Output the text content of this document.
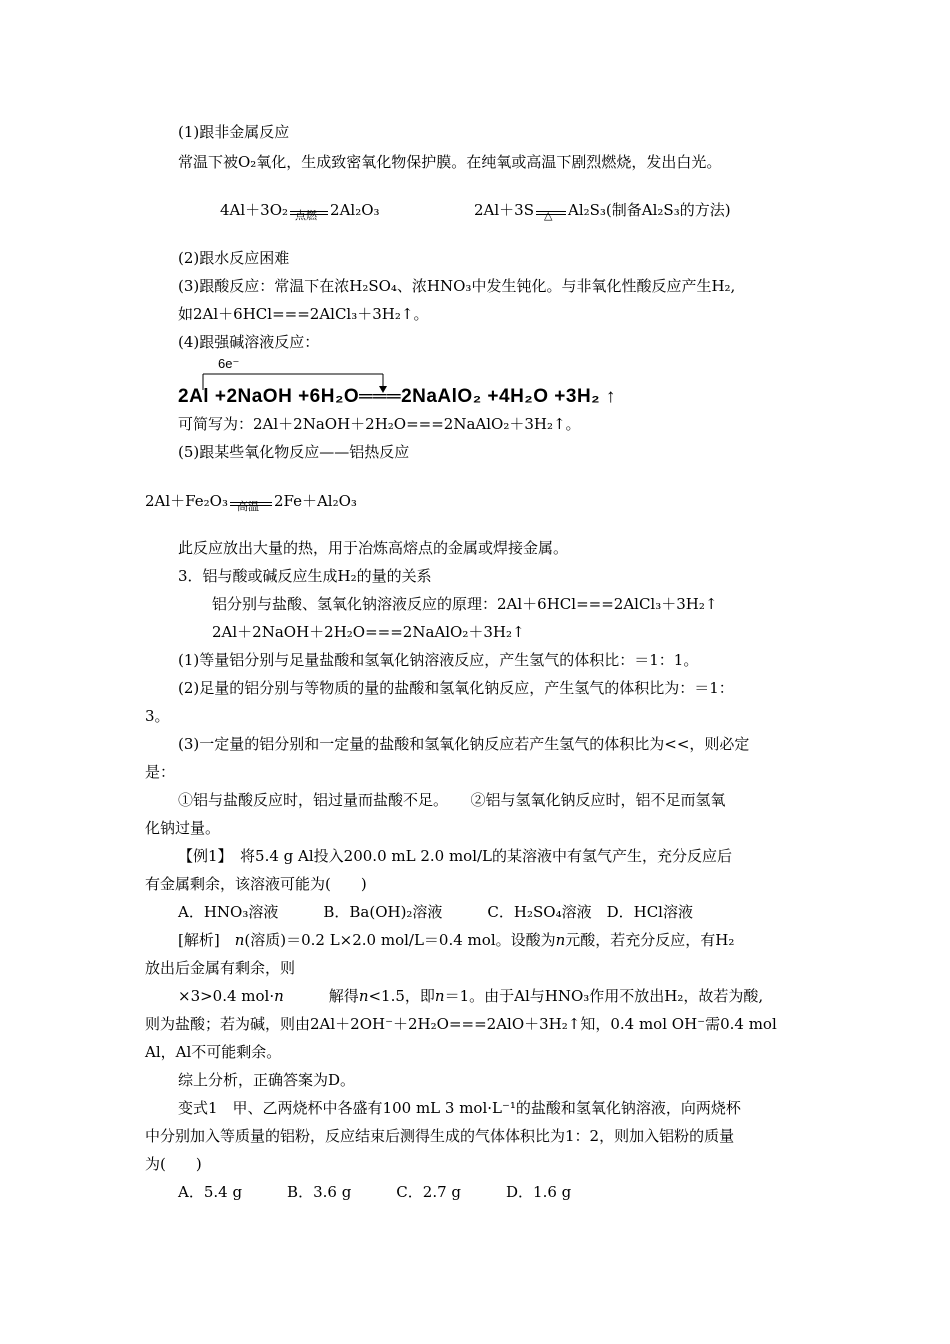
(1)跟非金属反应
常温下被O₂氧化，生成致密氧化物保护膜。在纯氧或高温下剧烈燃烧，发出白光。
4Al＋3O₂ 点燃 2Al₂O₃	2Al＋3S △ Al₂S₃(制备Al₂S₃的方法)
(2)跟水反应困难
(3)跟酸反应：常温下在浓H₂SO₄、浓HNO₃中发生钝化。与非氧化性酸反应产生H₂,
如2Al＋6HCl===2AlCl₃＋3H₂↑。
(4)跟强碱溶液反应：
6e⁻
2Al +2NaOH +6H₂O═══2NaAlO₂ +4H₂O +3H₂ ↑
可简写为：2Al＋2NaOH＋2H₂O===2NaAlO₂＋3H₂↑。
(5)跟某些氧化物反应——铝热反应
2Al＋Fe₂O₃ 高温 2Fe＋Al₂O₃
此反应放出大量的热，用于冶炼高熔点的金属或焊接金属。
3．铝与酸或碱反应生成H₂的量的关系
铝分别与盐酸、氢氧化钠溶液反应的原理：2Al＋6HCl===2AlCl₃＋3H₂↑
2Al＋2NaOH＋2H₂O===2NaAlO₂＋3H₂↑
(1)等量铝分别与足量盐酸和氢氧化钠溶液反应，产生氢气的体积比：＝1：1。
(2)足量的铝分别与等物质的量的盐酸和氢氧化钠反应，产生氢气的体积比为：＝1：
3。
(3)一定量的铝分别和一定量的盐酸和氢氧化钠反应若产生氢气的体积比为<<，则必定
是：
①铝与盐酸反应时，铝过量而盐酸不足。　　②铝与氢氧化钠反应时，铝不足而氢氧
化钠过量。
【例1】　将5.4 g Al投入200.0 mL 2.0 mol/L的某溶液中有氢气产生，充分反应后
有金属剩余，该溶液可能为(　　)
A．HNO₃溶液　　　B．Ba(OH)₂溶液　　　C．H₂SO₄溶液　D．HCl溶液
[解析]　n(溶质)＝0.2 L×2.0 mol/L＝0.4 mol。设酸为n元酸，若充分反应，有H₂
放出后金属有剩余，则
×3>0.4 mol·n　　　解得n<1.5，即n＝1。由于Al与HNO₃作用不放出H₂，故若为酸,
则为盐酸；若为碱，则由2Al＋2OH⁻＋2H₂O===2AlO＋3H₂↑知，0.4 mol OH⁻需0.4 mol
Al，Al不可能剩余。
综上分析，正确答案为D。
变式1　甲、乙两烧杯中各盛有100 mL 3 mol·L⁻¹的盐酸和氢氧化钠溶液，向两烧杯
中分别加入等质量的铝粉，反应结束后测得生成的气体体积比为1：2，则加入铝粉的质量
为(　　)
A．5.4 g　　　B．3.6 g　　　C．2.7 g　　　D．1.6 g
